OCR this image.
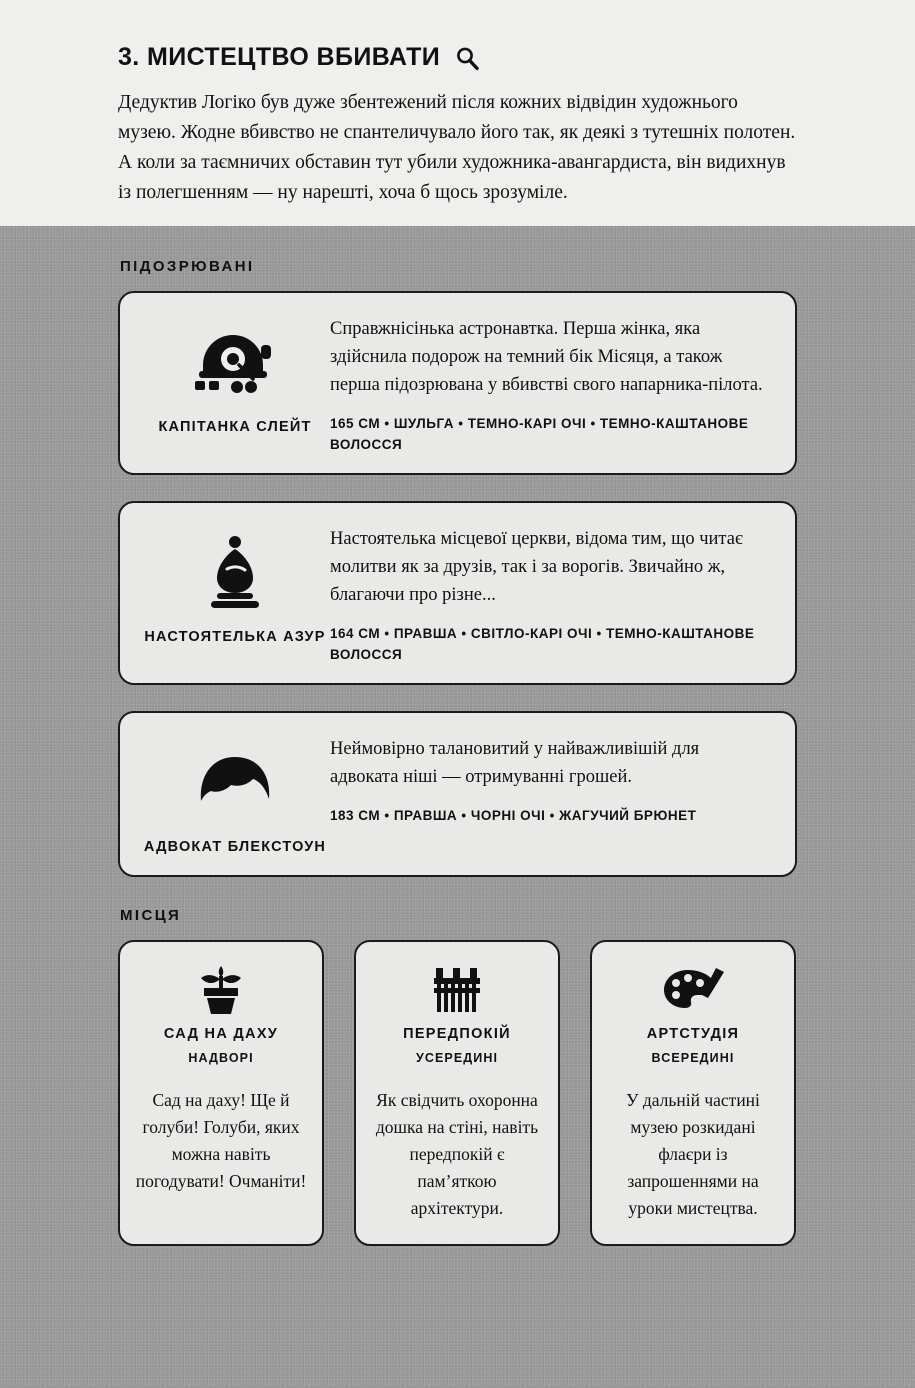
3. МИСТЕЦТВО ВБИВАТИ
Дедуктив Логіко був дуже збентежений після кожних відвідин художнього музею. Жодне вбивство не спантеличувало його так, як деякі з тутешніх полотен. А коли за таємничих обставин тут убили художника-авангардиста, він видихнув із полегшенням — ну нарешті, хоча б щось зрозуміле.
ПІДОЗРЮВАНІ
КАПІТАНКА СЛЕЙТ
Справжнісінька астронавтка. Перша жінка, яка здійснила подорож на темний бік Місяця, а також перша підозрювана у вбивстві свого напарника-пілота.
165 СМ • ШУЛЬГА • ТЕМНО-КАРІ ОЧІ • ТЕМНО-КАШТАНОВЕ ВОЛОССЯ
НАСТОЯТЕЛЬКА АЗУР
Настоятелька місцевої церкви, відома тим, що читає молитви як за друзів, так і за ворогів. Звичайно ж, благаючи про різне...
164 СМ • ПРАВША • СВІТЛО-КАРІ ОЧІ • ТЕМНО-КАШТАНОВЕ ВОЛОССЯ
АДВОКАТ БЛЕКСТОУН
Неймовірно талановитий у найважливішій для адвоката ніші — отримуванні грошей.
183 СМ • ПРАВША • ЧОРНІ ОЧІ • ЖАГУЧИЙ БРЮНЕТ
МІСЦЯ
САД НА ДАХУ
НАДВОРІ
Сад на даху! Ще й голуби! Голуби, яких можна навіть погодувати! Очманіти!
ПЕРЕДПОКІЙ
УСЕРЕДИНІ
Як свідчить охоронна дошка на стіні, навіть передпокій є пам’яткою архітектури.
АРТСТУДІЯ
ВСЕРЕДИНІ
У дальній частині музею розкидані флаєри із запрошеннями на уроки мистецтва.
